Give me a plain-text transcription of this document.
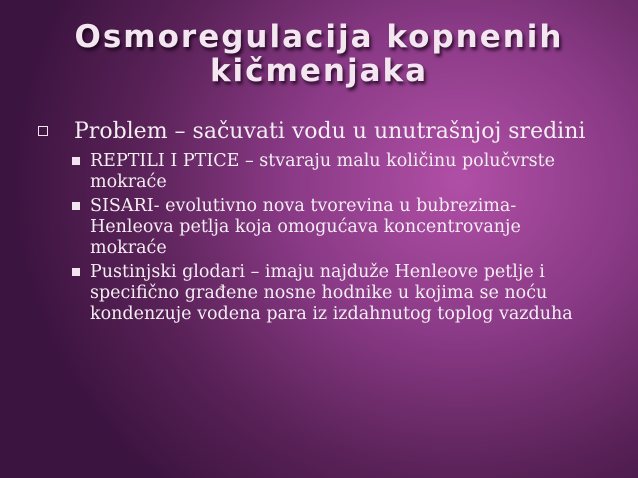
Osmoregulacija kopnenih
kičmenjaka
Problem – sačuvati vodu u unutrašnjoj sredini
REPTILI I PTICE – stvaraju malu količinu polučvrste mokraće
SISARI- evolutivno nova tvorevina u bubrezima- Henleova petlja koja omogućava koncentrovanje mokraće
Pustinjski glodari – imaju najduže Henleove petlje i specifično građene nosne hodnike u kojima se noću kondenzuje vodena para iz izdahnutog toplog vazduha
